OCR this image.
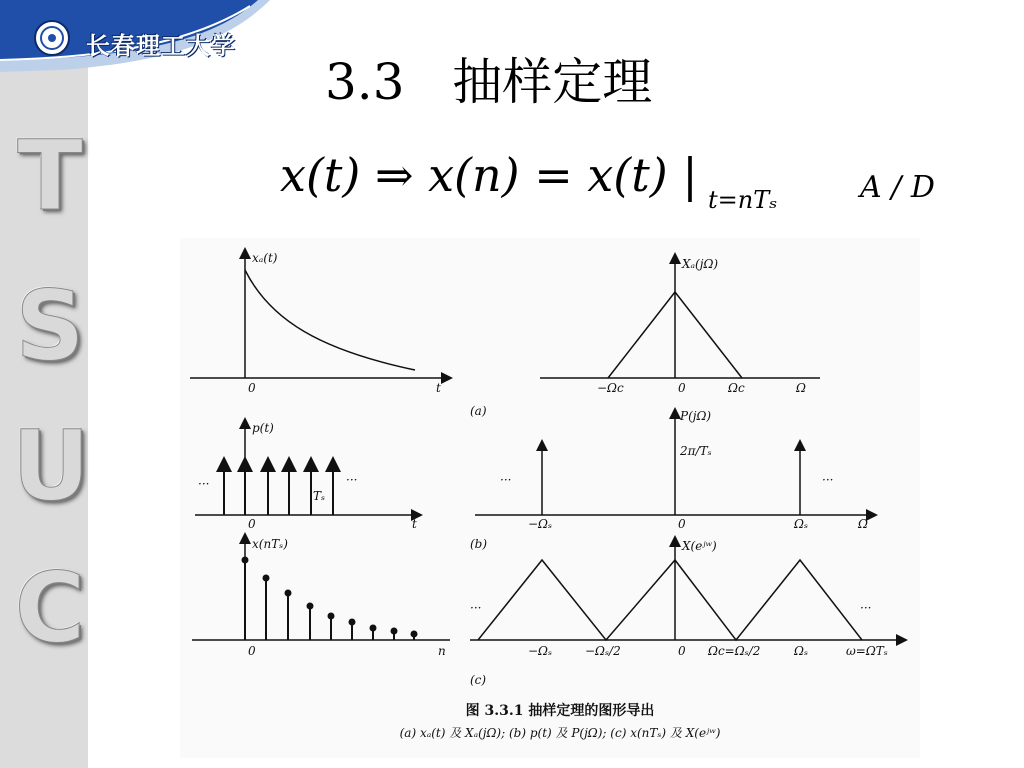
T
S
U
C
长春理工大学
3.3   抽样定理
x(t) ⇒ x(n) = x(t) | t=nTₛ	A / D
xₐ(t)
0	t
Xₐ(jΩ)
−Ωc	0	Ωc	Ω
(a)
p(t)
···	···
Tₛ
0	t
P(jΩ)
2π/Tₛ
···	···
−Ωₛ	0	Ωₛ	Ω
x(nTₛ)
0	n
(b)	X(eʲʷ)
···	···
−Ωₛ	−Ωₛ/2	0 Ωc=Ωₛ/2	Ωₛ	ω=ΩTₛ
(c)
图 3.3.1 抽样定理的图形导出
(a) xₐ(t) 及 Xₐ(jΩ); (b) p(t) 及 P(jΩ); (c) x(nTₛ) 及 X(eʲʷ)
